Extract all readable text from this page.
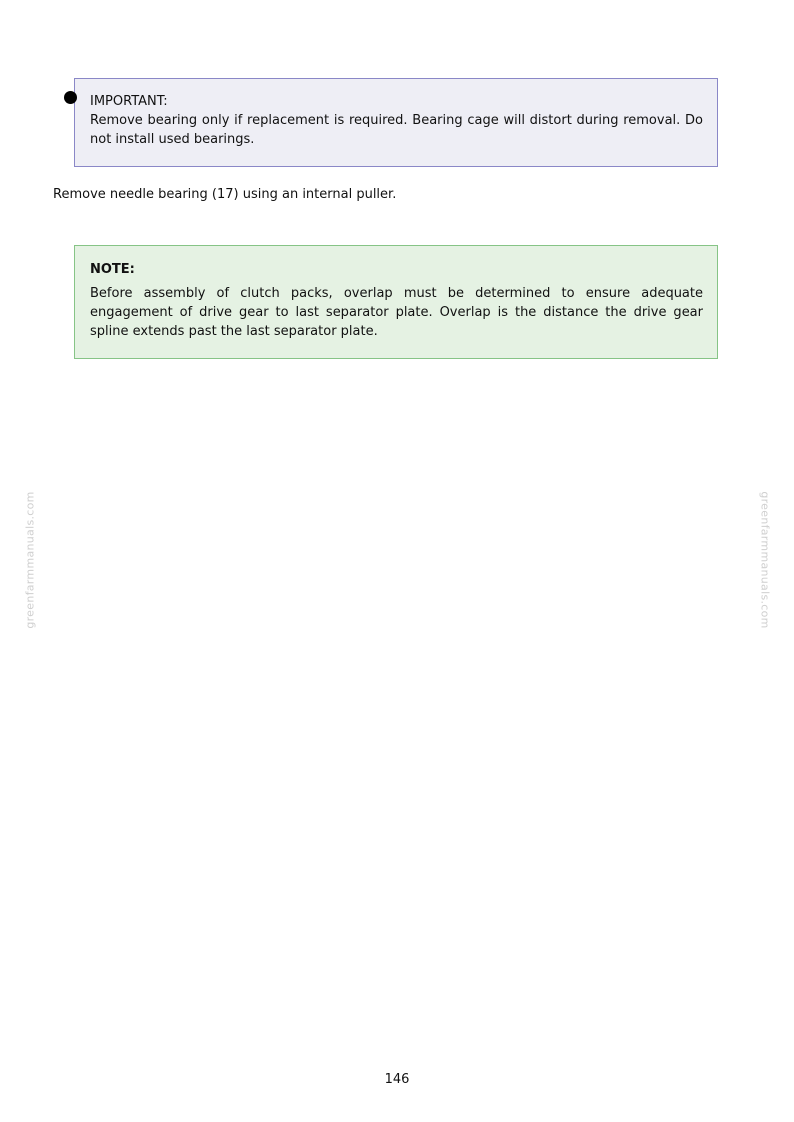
IMPORTANT:

Remove bearing only if replacement is required. Bearing cage will distort during removal. Do not install used bearings.

Remove needle bearing (17) using an internal puller.

NOTE:

Before assembly of clutch packs, overlap must be determined to ensure adequate engagement of drive gear to last separator plate. Overlap is the distance the drive gear spline extends past the last separator plate.

greenfarmmanuals.com	greenfarmmanuals.com
146
